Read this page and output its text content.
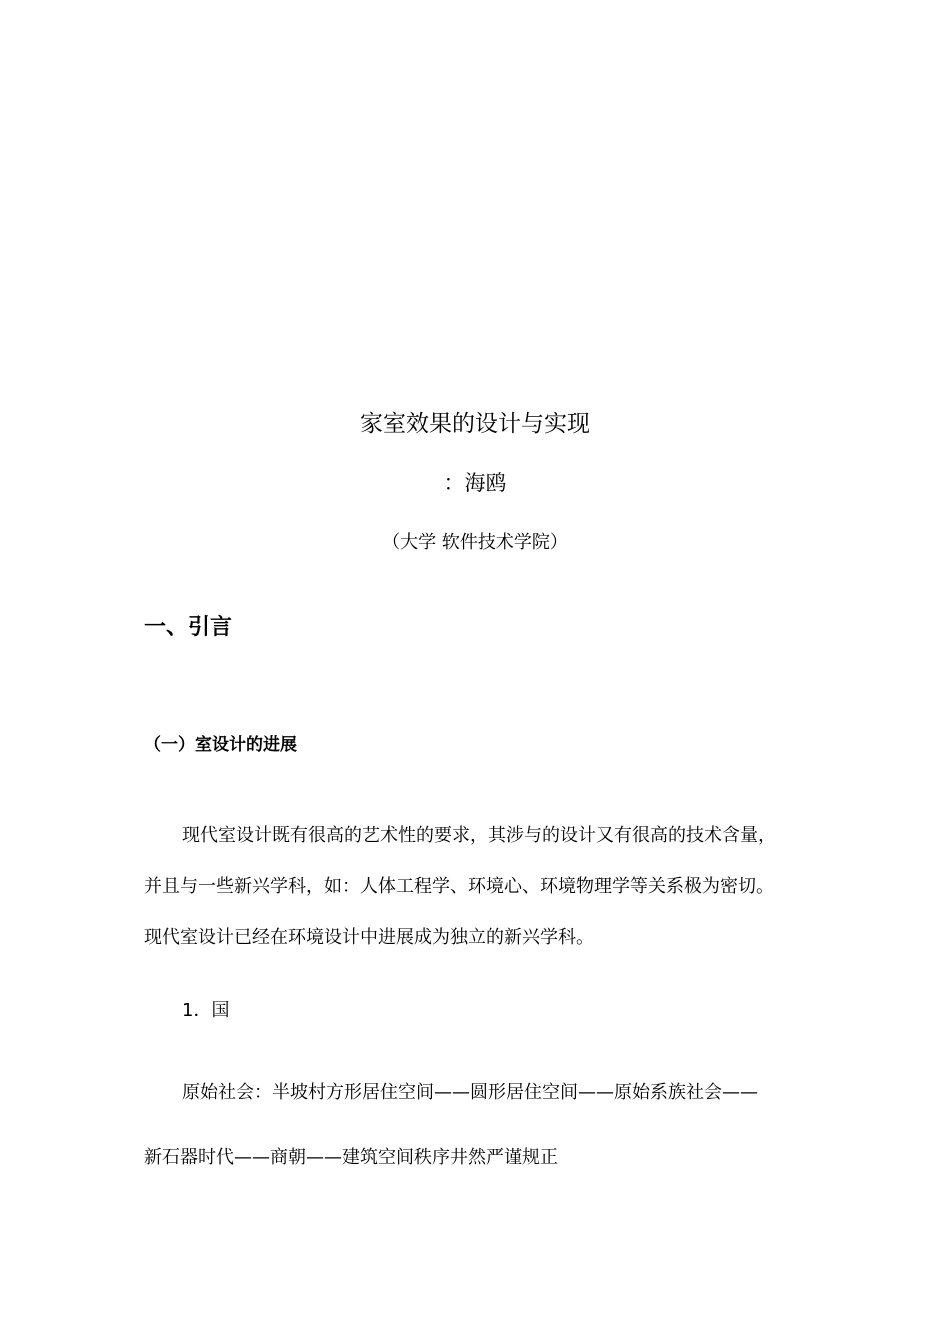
家室效果的设计与实现
：海鸥
（大学 软件技术学院）
一、引言
（一）室设计的进展
现代室设计既有很高的艺术性的要求，其涉与的设计又有很高的技术含量，
并且与一些新兴学科，如：人体工程学、环境心、环境物理学等关系极为密切。
现代室设计已经在环境设计中进展成为独立的新兴学科。
1．国
原始社会：半坡村方形居住空间——圆形居住空间——原始系族社会——
新石器时代——商朝——建筑空间秩序井然严谨规正
